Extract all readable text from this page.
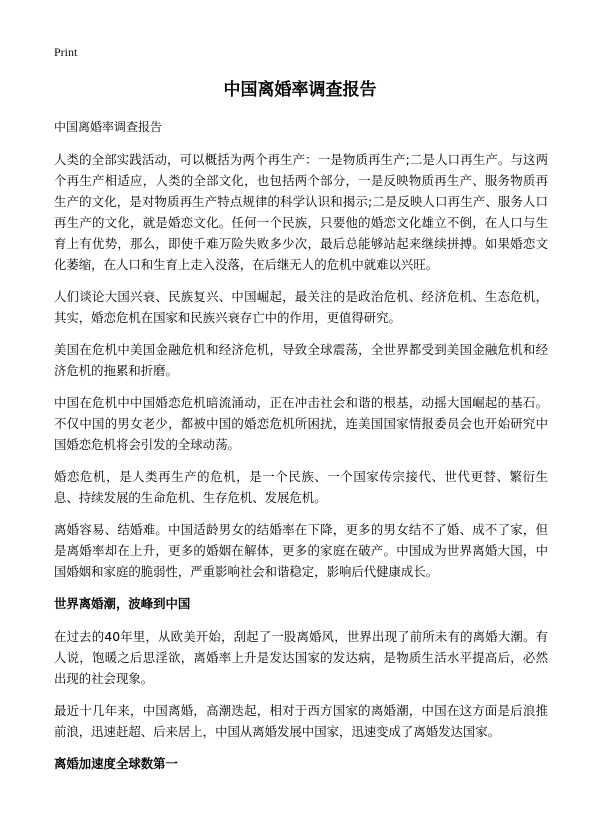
Print
中国离婚率调查报告

中国离婚率调查报告

人类的全部实践活动，可以概括为两个再生产：一是物质再生产;二是人口再生产。与这两个再生产相适应，人类的全部文化，也包括两个部分，一是反映物质再生产、服务物质再生产的文化，是对物质再生产特点规律的科学认识和揭示;二是反映人口再生产、服务人口再生产的文化，就是婚恋文化。任何一个民族，只要他的婚恋文化雄立不倒，在人口与生育上有优势，那么，即使千难万险失败多少次，最后总能够站起来继续拼搏。如果婚恋文化萎缩，在人口和生育上走入没落，在后继无人的危机中就难以兴旺。

人们谈论大国兴衰、民族复兴、中国崛起，最关注的是政治危机、经济危机、生态危机，其实，婚恋危机在国家和民族兴衰存亡中的作用，更值得研究。

美国在危机中美国金融危机和经济危机，导致全球震荡，全世界都受到美国金融危机和经济危机的拖累和折磨。

中国在危机中中国婚恋危机暗流涌动，正在冲击社会和谐的根基，动摇大国崛起的基石。不仅中国的男女老少，都被中国的婚恋危机所困扰，连美国国家情报委员会也开始研究中国婚恋危机将会引发的全球动荡。

婚恋危机，是人类再生产的危机，是一个民族、一个国家传宗接代、世代更替、繁衍生息、持续发展的生命危机、生存危机、发展危机。

离婚容易、结婚难。中国适龄男女的结婚率在下降，更多的男女结不了婚、成不了家，但是离婚率却在上升，更多的婚姻在解体，更多的家庭在破产。中国成为世界离婚大国，中国婚姻和家庭的脆弱性，严重影响社会和谐稳定，影响后代健康成长。

世界离婚潮，波峰到中国

在过去的40年里，从欧美开始，刮起了一股离婚风，世界出现了前所未有的离婚大潮。有人说，饱暖之后思淫欲，离婚率上升是发达国家的发达病，是物质生活水平提高后，必然出现的社会现象。

最近十几年来，中国离婚，高潮迭起，相对于西方国家的离婚潮，中国在这方面是后浪推前浪，迅速赶超、后来居上，中国从离婚发展中国家，迅速变成了离婚发达国家。

离婚加速度全球数第一
